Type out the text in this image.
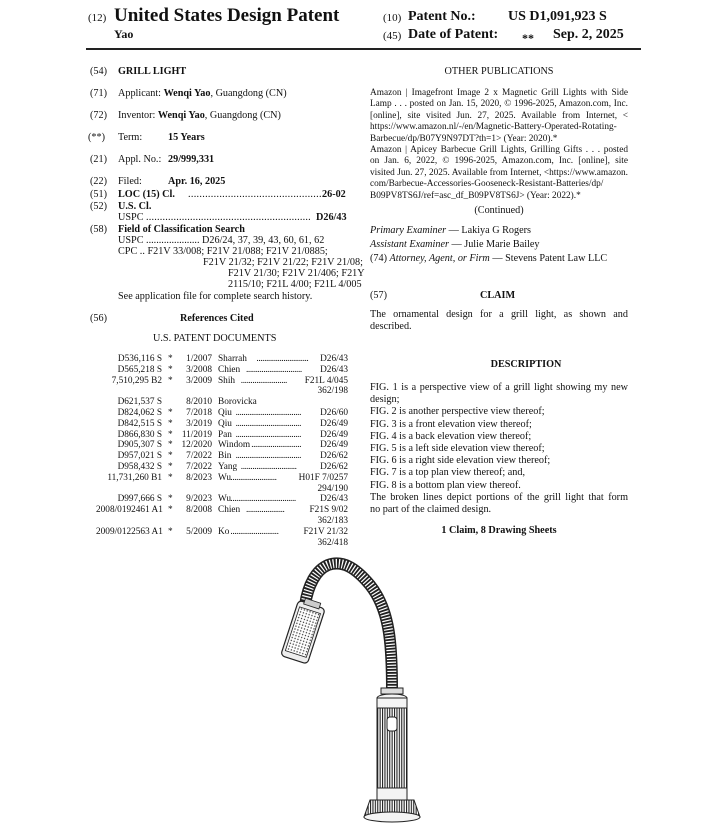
(12) United States Design Patent
Yao
(10) Patent No.: US D1,091,923 S
(45) Date of Patent: ** Sep. 2, 2025
(54) GRILL LIGHT
(71) Applicant: Wenqi Yao, Guangdong (CN)
(72) Inventor: Wenqi Yao, Guangdong (CN)
(**) Term:	15 Years
(21) Appl. No.: 29/999,331
(22) Filed:	Apr. 16, 2025
(51) LOC (15) Cl. ................................................
26-02
(52) U.S. Cl.
USPC ............................................................ D26/43
(58) Field of Classification Search
USPC ..................... D26/24, 37, 39, 43, 60, 61, 62
CPC .. F21V 33/008; F21V 21/088; F21V 21/0885;
F21V 21/32; F21V 21/22; F21V 21/08;
F21V 21/30; F21V 21/406; F21Y
2115/10; F21L 4/00; F21L 4/005
See application file for complete search history.
(56)	References Cited
U.S. PATENT DOCUMENTS
D536,116 S *	1/2007 Sharrah ...........................	D26/43
D565,218 S *	3/2008 Chien .............................	D26/43
7,510,295 B2 *	3/2009 Shih ........................	F21L 4/045
362/198
D621,537 S	8/2010 Borovicka
D824,062 S *	7/2018 Qiu ..................................	D26/60
D842,515 S *	3/2019 Qiu ..................................	D26/49
D866,830 S * 11/2019 Pan ..................................	D26/49
D905,307 S * 12/2020 Windom ..........................	D26/49
D957,021 S *	7/2022 Bin ..................................	D26/62
D958,432 S *	7/2022 Yang .............................	D26/62
11,731,260 B1 *	8/2023 Wu ........................	H01F 7/0257
294/190
D997,666 S *	9/2023 Wu ..................................	D26/43
2008/0192461 A1 *	8/2008 Chien ....................	F21S 9/02
362/183
2009/0122563 A1 *	5/2009 Ko .........................	F21V 21/32
362/418
OTHER PUBLICATIONS
Amazon | Imagefront Image 2 x Magnetic Grill Lights with Side
Lamp . . . posted on Jan. 15, 2020, © 1996-2025, Amazon.com, Inc.
[online], site visited Jun. 27, 2025. Available from Internet, <
https://www.amazon.nl/-/en/Magnetic-Battery-Operated-Rotating-
Barbecue/dp/B07Y9N97DT?th=1> (Year: 2020).*
Amazon | Apicey Barbecue Grill Lights, Grilling Gifts . . . posted
on Jan. 6, 2022, © 1996-2025, Amazon.com, Inc. [online], site
visited Jun. 27, 2025. Available from Internet, <https://www.amazon.
com/Barbecue-Accessories-Gooseneck-Resistant-Batteries/dp/
B09PV8TS6J/ref=asc_df_B09PV8TS6J> (Year: 2022).*
(Continued)
Primary Examiner — Lakiya G Rogers
Assistant Examiner — Julie Marie Bailey
(74) Attorney, Agent, or Firm — Stevens Patent Law LLC
(57)	CLAIM
The ornamental design for a grill light, as shown and
described.
DESCRIPTION
FIG. 1 is a perspective view of a grill light showing my new
design;
FIG. 2 is another perspective view thereof;
FIG. 3 is a front elevation view thereof;
FIG. 4 is a back elevation view thereof;
FIG. 5 is a left side elevation view thereof;
FIG. 6 is a right side elevation view thereof;
FIG. 7 is a top plan view thereof; and,
FIG. 8 is a bottom plan view thereof.
The broken lines depict portions of the grill light that form
no part of the claimed design.
1 Claim, 8 Drawing Sheets
